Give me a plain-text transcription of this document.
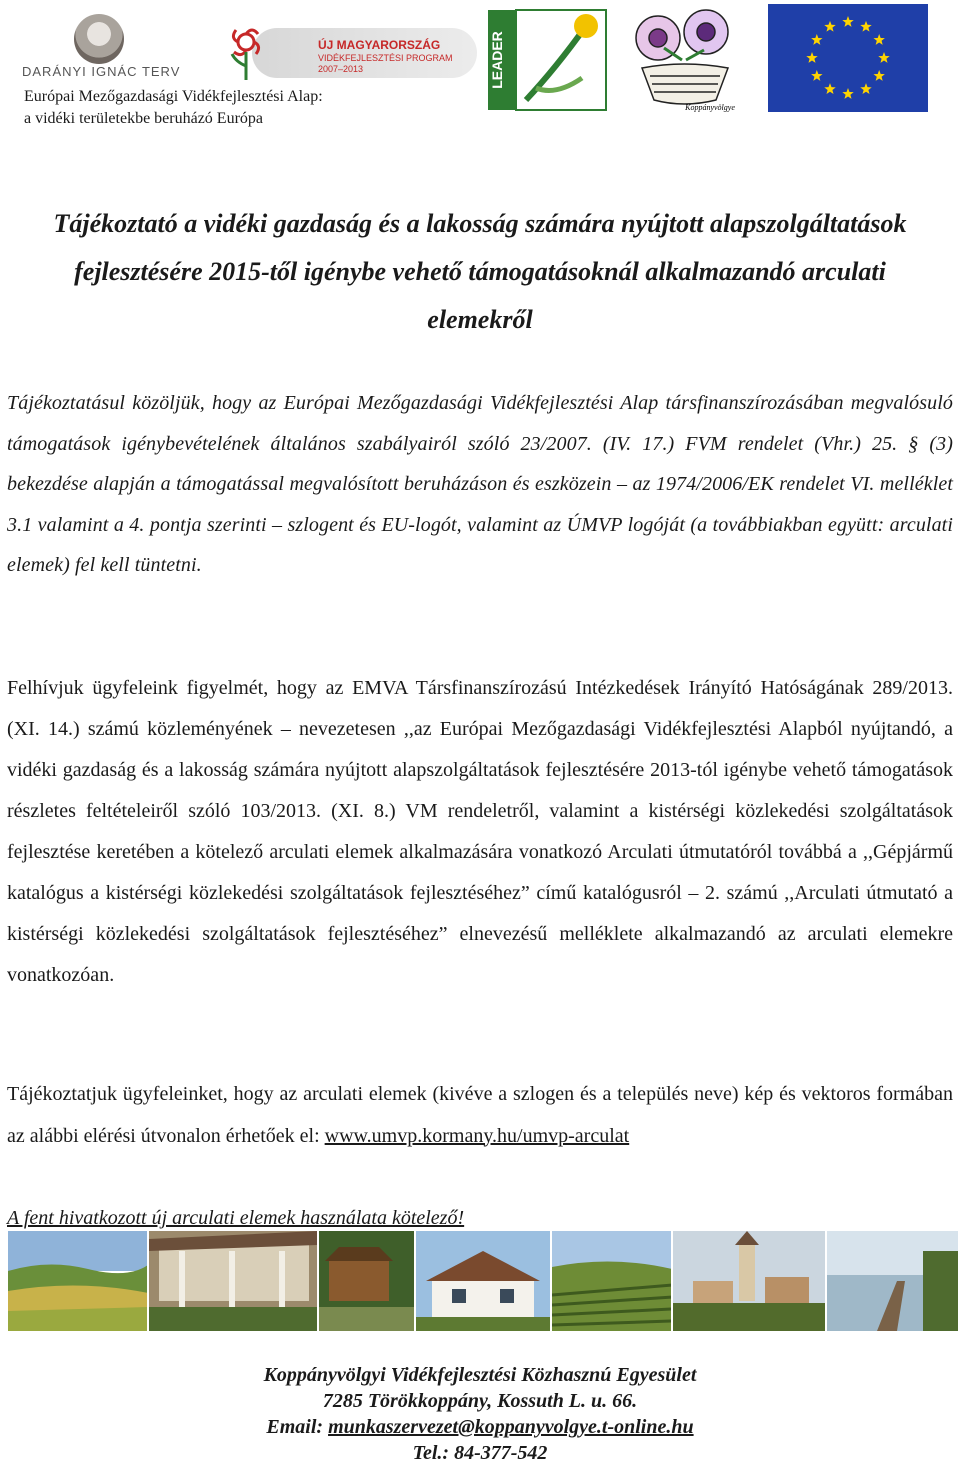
DARÁNYI IGNÁC TERV
Európai Mezőgazdasági Vidékfejlesztési Alap:
a vidéki területekbe beruházó Európa
ÚJ MAGYARORSZÁG
VIDÉKFEJLESZTÉSI PROGRAM
2007–2013	LEADER
Koppányvölgye
Tájékoztató a vidéki gazdaság és a lakosság számára nyújtott alapszolgáltatások
fejlesztésére 2015-től igénybe vehető támogatásoknál alkalmazandó arculati
elemekről
Tájékoztatásul közöljük, hogy az Európai Mezőgazdasági Vidékfejlesztési Alap társfinanszírozásában megvalósuló támogatások igénybevételének általános szabályairól szóló 23/2007. (IV. 17.) FVM rendelet (Vhr.) 25. § (3) bekezdése alapján a támogatással megvalósított beruházáson és eszközein – az 1974/2006/EK rendelet VI. melléklet 3.1 valamint a 4. pontja szerinti – szlogent és EU-logót, valamint az ÚMVP logóját (a továbbiakban együtt: arculati elemek) fel kell tüntetni.
Felhívjuk ügyfeleink figyelmét, hogy az EMVA Társfinanszírozású Intézkedések Irányító Hatóságának 289/2013. (XI. 14.) számú közleményének – nevezetesen ,,az Európai Mezőgazdasági Vidékfejlesztési Alapból nyújtandó, a vidéki gazdaság és a lakosság számára nyújtott alapszolgáltatások fejlesztésére 2013-tól igénybe vehető támogatások részletes feltételeiről szóló 103/2013. (XI. 8.) VM rendeletről, valamint a kistérségi közlekedési szolgáltatások fejlesztése keretében a kötelező arculati elemek alkalmazására vonatkozó Arculati útmutatóról továbbá a ,,Gépjármű katalógus a kistérségi közlekedési szolgáltatások fejlesztéséhez” című katalógusról – 2. számú ,,Arculati útmutató a kistérségi közlekedési szolgáltatások fejlesztéséhez” elnevezésű melléklete alkalmazandó az arculati elemekre vonatkozóan.
Tájékoztatjuk ügyfeleinket, hogy az arculati elemek (kivéve a szlogen és a település neve) kép és vektoros formában az alábbi elérési útvonalon érhetőek el: www.umvp.kormany.hu/umvp-arculat
A fent hivatkozott új arculati elemek használata kötelező!
Koppányvölgyi Vidékfejlesztési Közhasznú Egyesület
7285 Törökkoppány, Kossuth L. u. 66.
Email: munkaszervezet@koppanyvolgye.t-online.hu
Tel.: 84-377-542
